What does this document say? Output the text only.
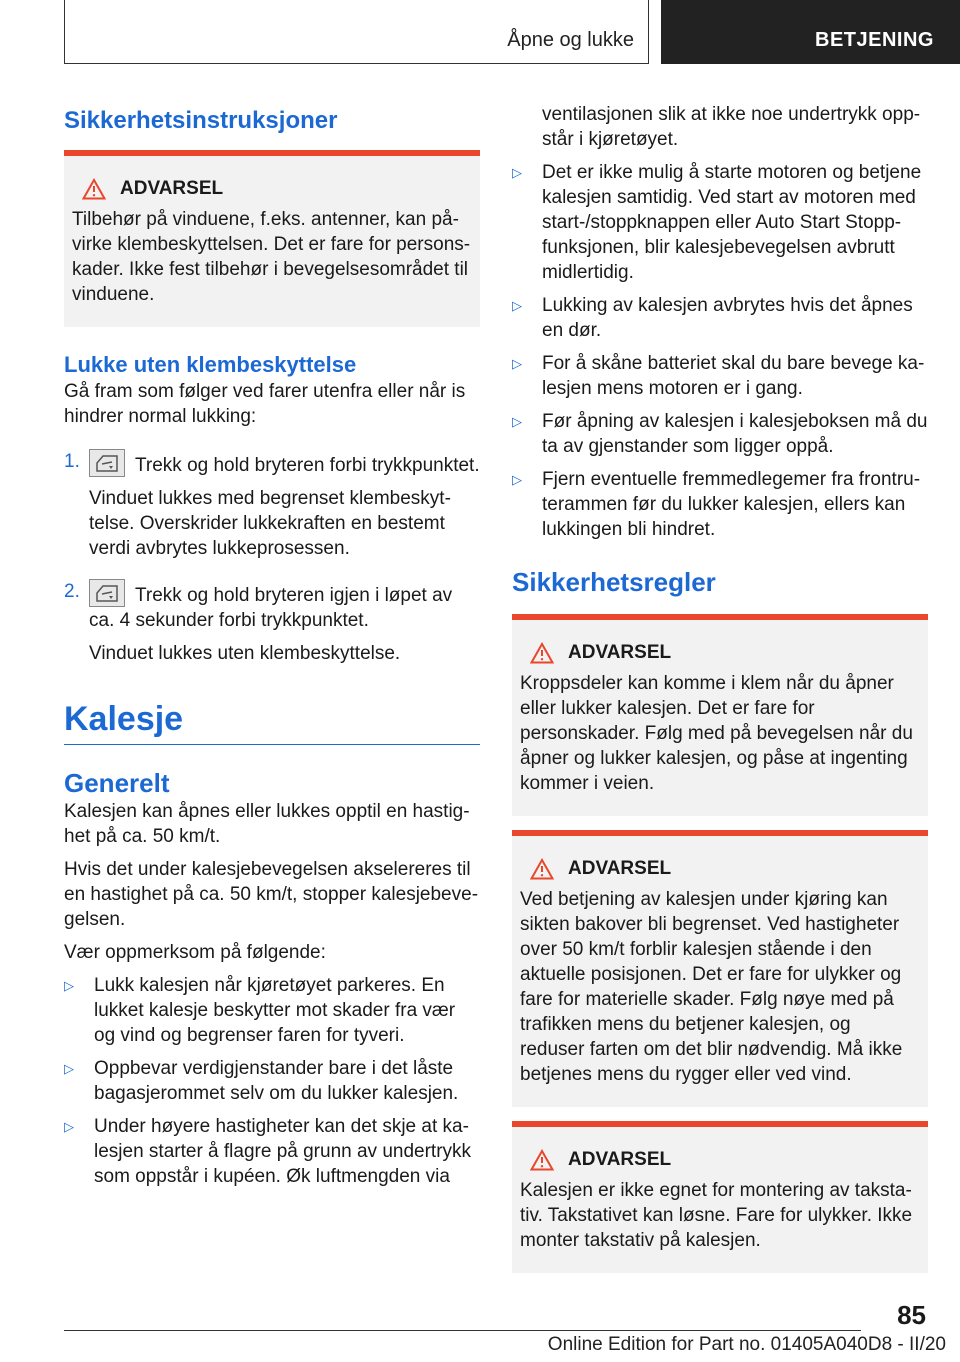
Åpne og lukke	BETJENING
Sikkerhetsinstruksjoner
ADVARSEL

Tilbehør på vinduene, f.eks. antenner, kan påvirke klembeskyttelsen. Det er fare for personskader. Ikke fest tilbehør i bevegelsesområdet til vinduene.

Lukke uten klembeskyttelse

Gå fram som følger ved farer utenfra eller når is hindrer normal lukking:

1.	Trekk og hold bryteren forbi trykkpunktet.

Vinduet lukkes med begrenset klembeskyttelse. Overskrider lukkekraften en bestemt verdi avbrytes lukkeprosessen.

2.	Trekk og hold bryteren igjen i løpet av ca. 4 sekunder forbi trykkpunktet.

Vinduet lukkes uten klembeskyttelse.

Kalesje
Generelt

Kalesjen kan åpnes eller lukkes opptil en hastighet på ca. 50 km/t.

Hvis det under kalesjebevegelsen akselereres til en hastighet på ca. 50 km/t, stopper kalesjebevegelsen.

Vær oppmerksom på følgende:

▷	Lukk kalesjen når kjøretøyet parkeres. En lukket kalesje beskytter mot skader fra vær og vind og begrenser faren for tyveri.

▷	Oppbevar verdigjenstander bare i det låste bagasjerommet selv om du lukker kalesjen.

▷	Under høyere hastigheter kan det skje at kalesjen starter å flagre på grunn av undertrykk som oppstår i kupéen. Øk luftmengden via

ventilasjonen slik at ikke noe undertrykk oppstår i kjøretøyet.

▷	Det er ikke mulig å starte motoren og betjene kalesjen samtidig. Ved start av motoren med start-/stoppknappen eller Auto Start Stopp-funksjonen, blir kalesjebevegelsen avbrutt midlertidig.

▷	Lukking av kalesjen avbrytes hvis det åpnes en dør.

▷	For å skåne batteriet skal du bare bevege kalesjen mens motoren er i gang.

▷	Før åpning av kalesjen i kalesjeboksen må du ta av gjenstander som ligger oppå.

▷	Fjern eventuelle fremmedlegemer fra frontruterammen før du lukker kalesjen, ellers kan lukkingen bli hindret.

Sikkerhetsregler
ADVARSEL

Kroppsdeler kan komme i klem når du åpner eller lukker kalesjen. Det er fare for personskader. Følg med på bevegelsen når du åpner og lukker kalesjen, og påse at ingenting kommer i veien.

ADVARSEL

Ved betjening av kalesjen under kjøring kan sikten bakover bli begrenset. Ved hastigheter over 50 km/t forblir kalesjen stående i den aktuelle posisjonen. Det er fare for ulykker og fare for materielle skader. Følg nøye med på trafikken mens du betjener kalesjen, og reduser farten om det blir nødvendig. Må ikke betjenes mens du rygger eller ved vind.

ADVARSEL

Kalesjen er ikke egnet for montering av takstativ. Takstativet kan løsne. Fare for ulykker. Ikke monter takstativ på kalesjen.

85
Online Edition for Part no. 01405A040D8 - II/20
